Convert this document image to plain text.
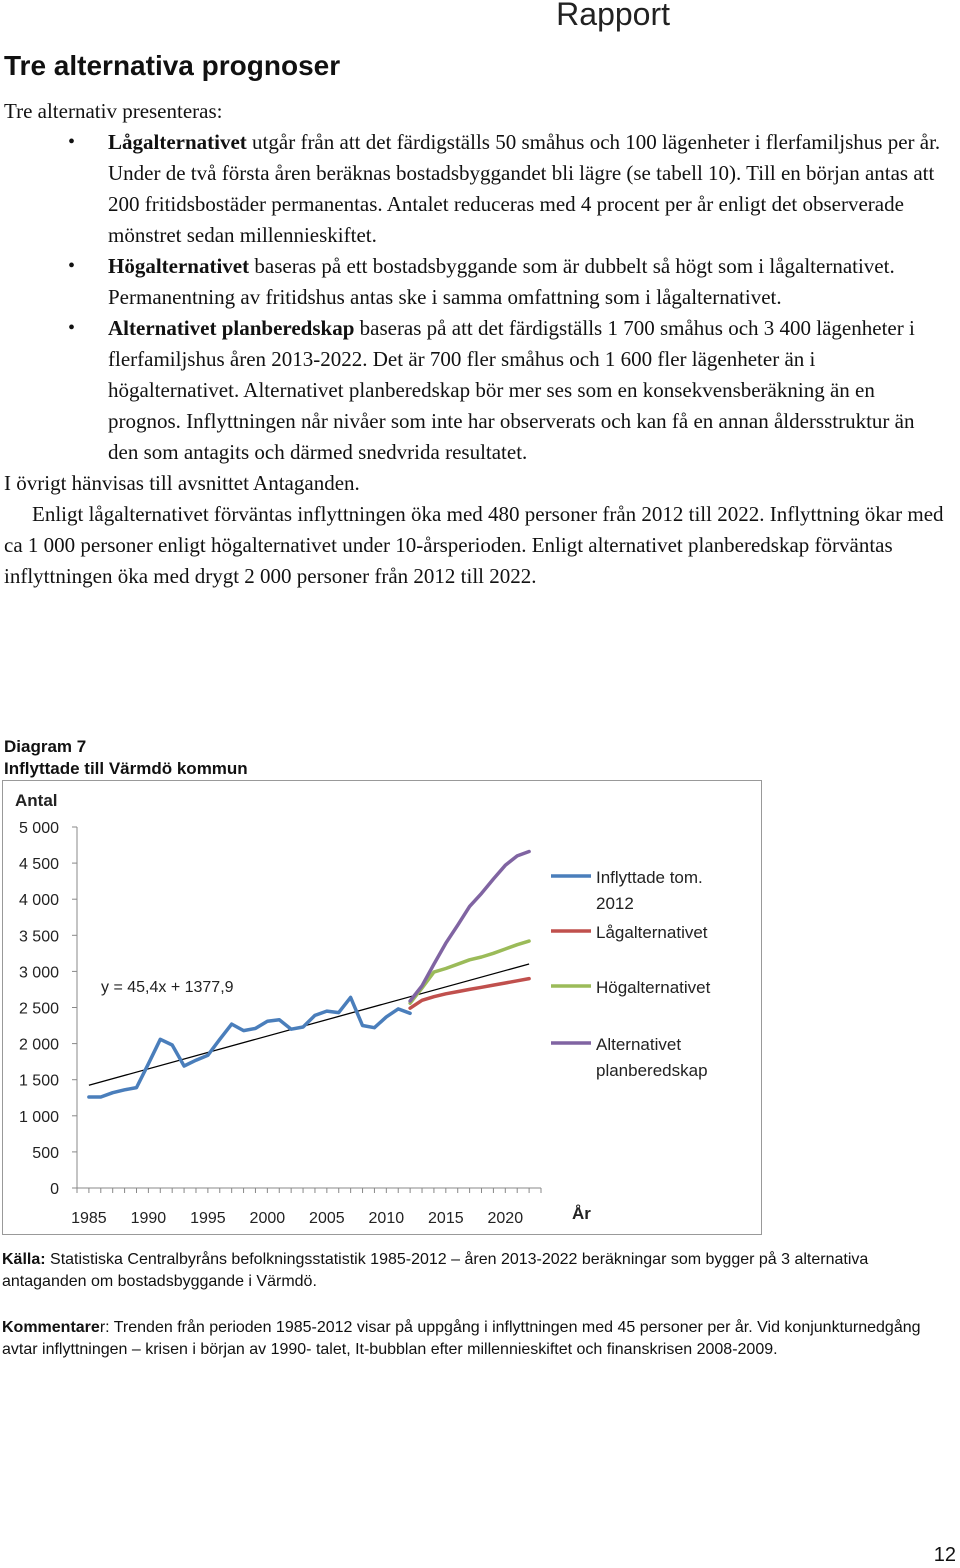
Rapport
Tre alternativa prognoser

Tre alternativ presenteras:

• Lågalternativet utgår från att det färdigställs 50 småhus och 100 lägenheter i flerfamiljshus per år. Under de två första åren beräknas bostadsbyggandet bli lägre (se tabell 10). Till en början antas att 200 fritidsbostäder permanentas. Antalet reduceras med 4 procent per år enligt det observerade mönstret sedan millennieskiftet.
• Högalternativet baseras på ett bostadsbyggande som är dubbelt så högt som i lågalternativet. Permanentning av fritidshus antas ske i samma omfattning som i lågalternativet.
• Alternativet planberedskap baseras på att det färdigställs 1 700 småhus och 3 400 lägenheter i flerfamiljshus åren 2013-2022. Det är 700 fler småhus och 1 600 fler lägenheter än i högalternativet. Alternativet planberedskap bör mer ses som en konsekvensberäkning än en prognos. Inflyttningen når nivåer som inte har observerats och kan få en annan åldersstruktur än den som antagits och därmed snedvrida resultatet.

I övrigt hänvisas till avsnittet Antaganden.

Enligt lågalternativet förväntas inflyttningen öka med 480 personer från 2012 till 2022. Inflyttning ökar med ca 1 000 personer enligt högalternativet under 10-årsperioden. Enligt alternativet planberedskap förväntas inflyttningen öka med drygt 2 000 personer från 2012 till 2022.

Diagram 7
Inflyttade till Värmdö kommun
0
500
1 000
1 500
2 000
2 500
3 000
3 500
4 000
4 500
5 000
1985 1990 1995 2000 2005 2010 2015 2020
Antal
År
y = 45,4x + 1377,9
Inflyttade tom.
2012
Lågalternativet
Högalternativet
Alternativet
planberedskap
Källa: Statistiska Centralbyråns befolkningsstatistik 1985-2012 – åren 2013-2022 beräkningar som bygger på 3 alternativa antaganden om bostadsbyggande i Värmdö.
Kommentarer: Trenden från perioden 1985-2012 visar på uppgång i inflyttningen med 45 personer per år. Vid konjunkturnedgång avtar inflyttningen – krisen i början av 1990- talet, It-bubblan efter millennieskiftet och finanskrisen 2008-2009.
12
